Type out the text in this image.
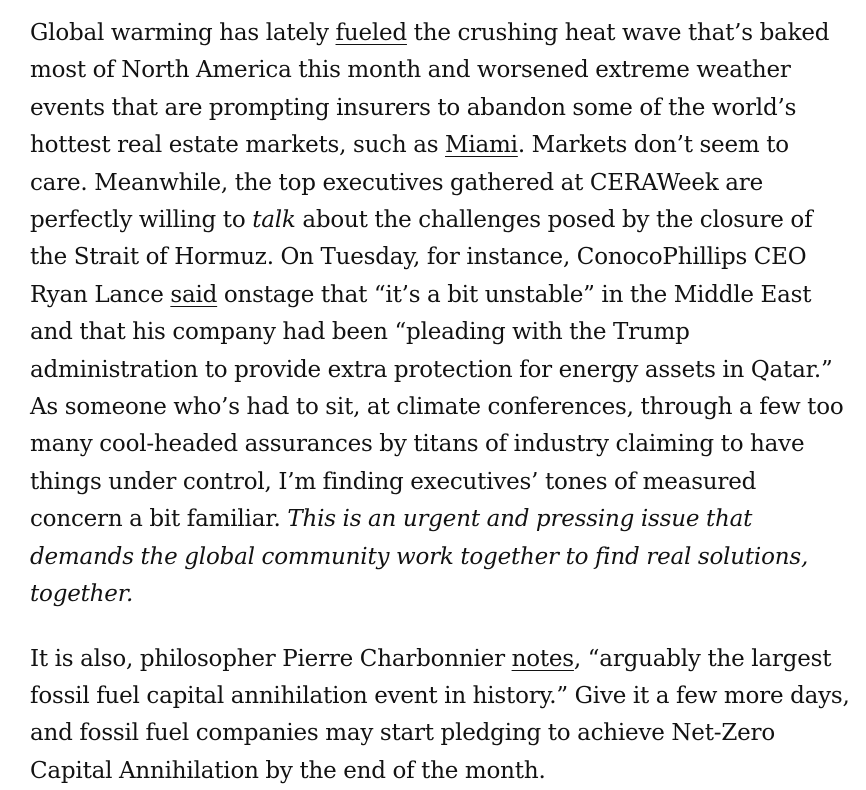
Global warming has lately fueled the crushing heat wave that’s baked most of North America this month and worsened extreme weather events that are prompting insurers to abandon some of the world’s hottest real estate markets, such as Miami. Markets don’t seem to care. Meanwhile, the top executives gathered at CERAWeek are perfectly willing to talk about the challenges posed by the closure of the Strait of Hormuz. On Tuesday, for instance, ConocoPhillips CEO Ryan Lance said onstage that “it’s a bit unstable” in the Middle East and that his company had been “pleading with the Trump administration to provide extra protection for energy assets in Qatar.” As someone who’s had to sit, at climate conferences, through a few too many cool-headed assurances by titans of industry claiming to have things under control, I’m finding executives’ tones of measured concern a bit familiar. This is an urgent and pressing issue that demands the global community work together to find real solutions, together.

It is also, philosopher Pierre Charbonnier notes, “arguably the largest fossil fuel capital annihilation event in history.” Give it a few more days, and fossil fuel companies may start pledging to achieve Net-Zero Capital Annihilation by the end of the month.
